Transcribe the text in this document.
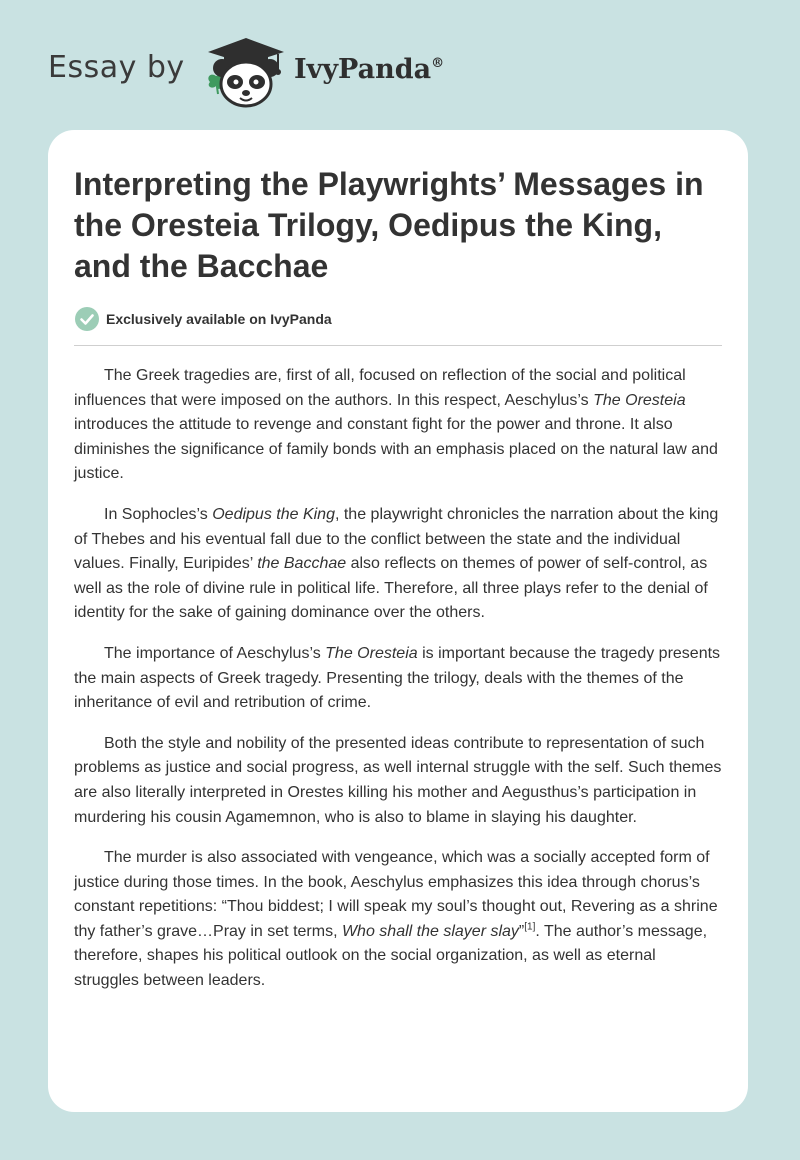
Essay by	IvyPanda®
Interpreting the Playwrights’ Messages in the Oresteia Trilogy, Oedipus the King, and the Bacchae
Exclusively available on IvyPanda

The Greek tragedies are, first of all, focused on reflection of the social and political influences that were imposed on the authors. In this respect, Aeschylus’s The Oresteia introduces the attitude to revenge and constant fight for the power and throne. It also diminishes the significance of family bonds with an emphasis placed on the natural law and justice.

In Sophocles’s Oedipus the King, the playwright chronicles the narration about the king of Thebes and his eventual fall due to the conflict between the state and the individual values. Finally, Euripides’ the Bacchae also reflects on themes of power of self-control, as well as the role of divine rule in political life. Therefore, all three plays refer to the denial of identity for the sake of gaining dominance over the others.

The importance of Aeschylus’s The Oresteia is important because the tragedy presents the main aspects of Greek tragedy. Presenting the trilogy, deals with the themes of the inheritance of evil and retribution of crime.

Both the style and nobility of the presented ideas contribute to representation of such problems as justice and social progress, as well internal struggle with the self. Such themes are also literally interpreted in Orestes killing his mother and Aegusthus’s participation in murdering his cousin Agamemnon, who is also to blame in slaying his daughter.

The murder is also associated with vengeance, which was a socially accepted form of justice during those times. In the book, Aeschylus emphasizes this idea through chorus’s constant repetitions: “Thou biddest; I will speak my soul’s thought out, Revering as a shrine thy father’s grave…Pray in set terms, Who shall the slayer slay”[1]. The author’s message, therefore, shapes his political outlook on the social organization, as well as eternal struggles between leaders.
